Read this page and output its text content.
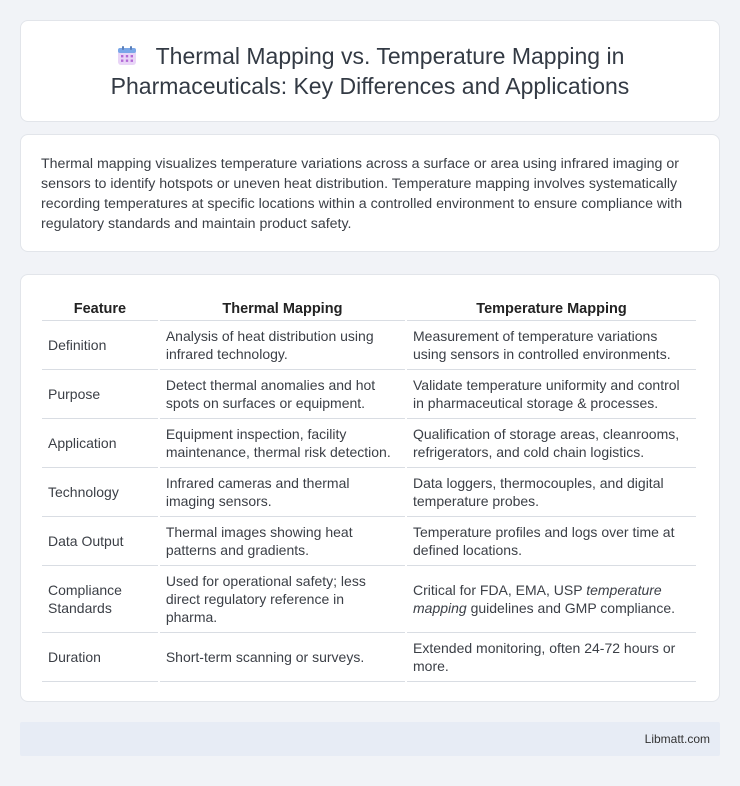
Thermal Mapping vs. Temperature Mapping in Pharmaceuticals: Key Differences and Applications

Thermal mapping visualizes temperature variations across a surface or area using infrared imaging or sensors to identify hotspots or uneven heat distribution. Temperature mapping involves systematically recording temperatures at specific locations within a controlled environment to ensure compliance with regulatory standards and maintain product safety.

Feature	Thermal Mapping	Temperature Mapping
Definition	Analysis of heat distribution using infrared technology.	Measurement of temperature variations using sensors in controlled environments.
Purpose	Detect thermal anomalies and hot spots on surfaces or equipment.	Validate temperature uniformity and control in pharmaceutical storage & processes.
Application	Equipment inspection, facility maintenance, thermal risk detection.	Qualification of storage areas, cleanrooms, refrigerators, and cold chain logistics.
Technology	Infrared cameras and thermal imaging sensors.	Data loggers, thermocouples, and digital temperature probes.
Data Output	Thermal images showing heat patterns and gradients.	Temperature profiles and logs over time at defined locations.
Compliance Standards	Used for operational safety; less direct regulatory reference in pharma.	Critical for FDA, EMA, USP temperature mapping guidelines and GMP compliance.
Duration	Short-term scanning or surveys.	Extended monitoring, often 24-72 hours or more.
Libmatt.com
